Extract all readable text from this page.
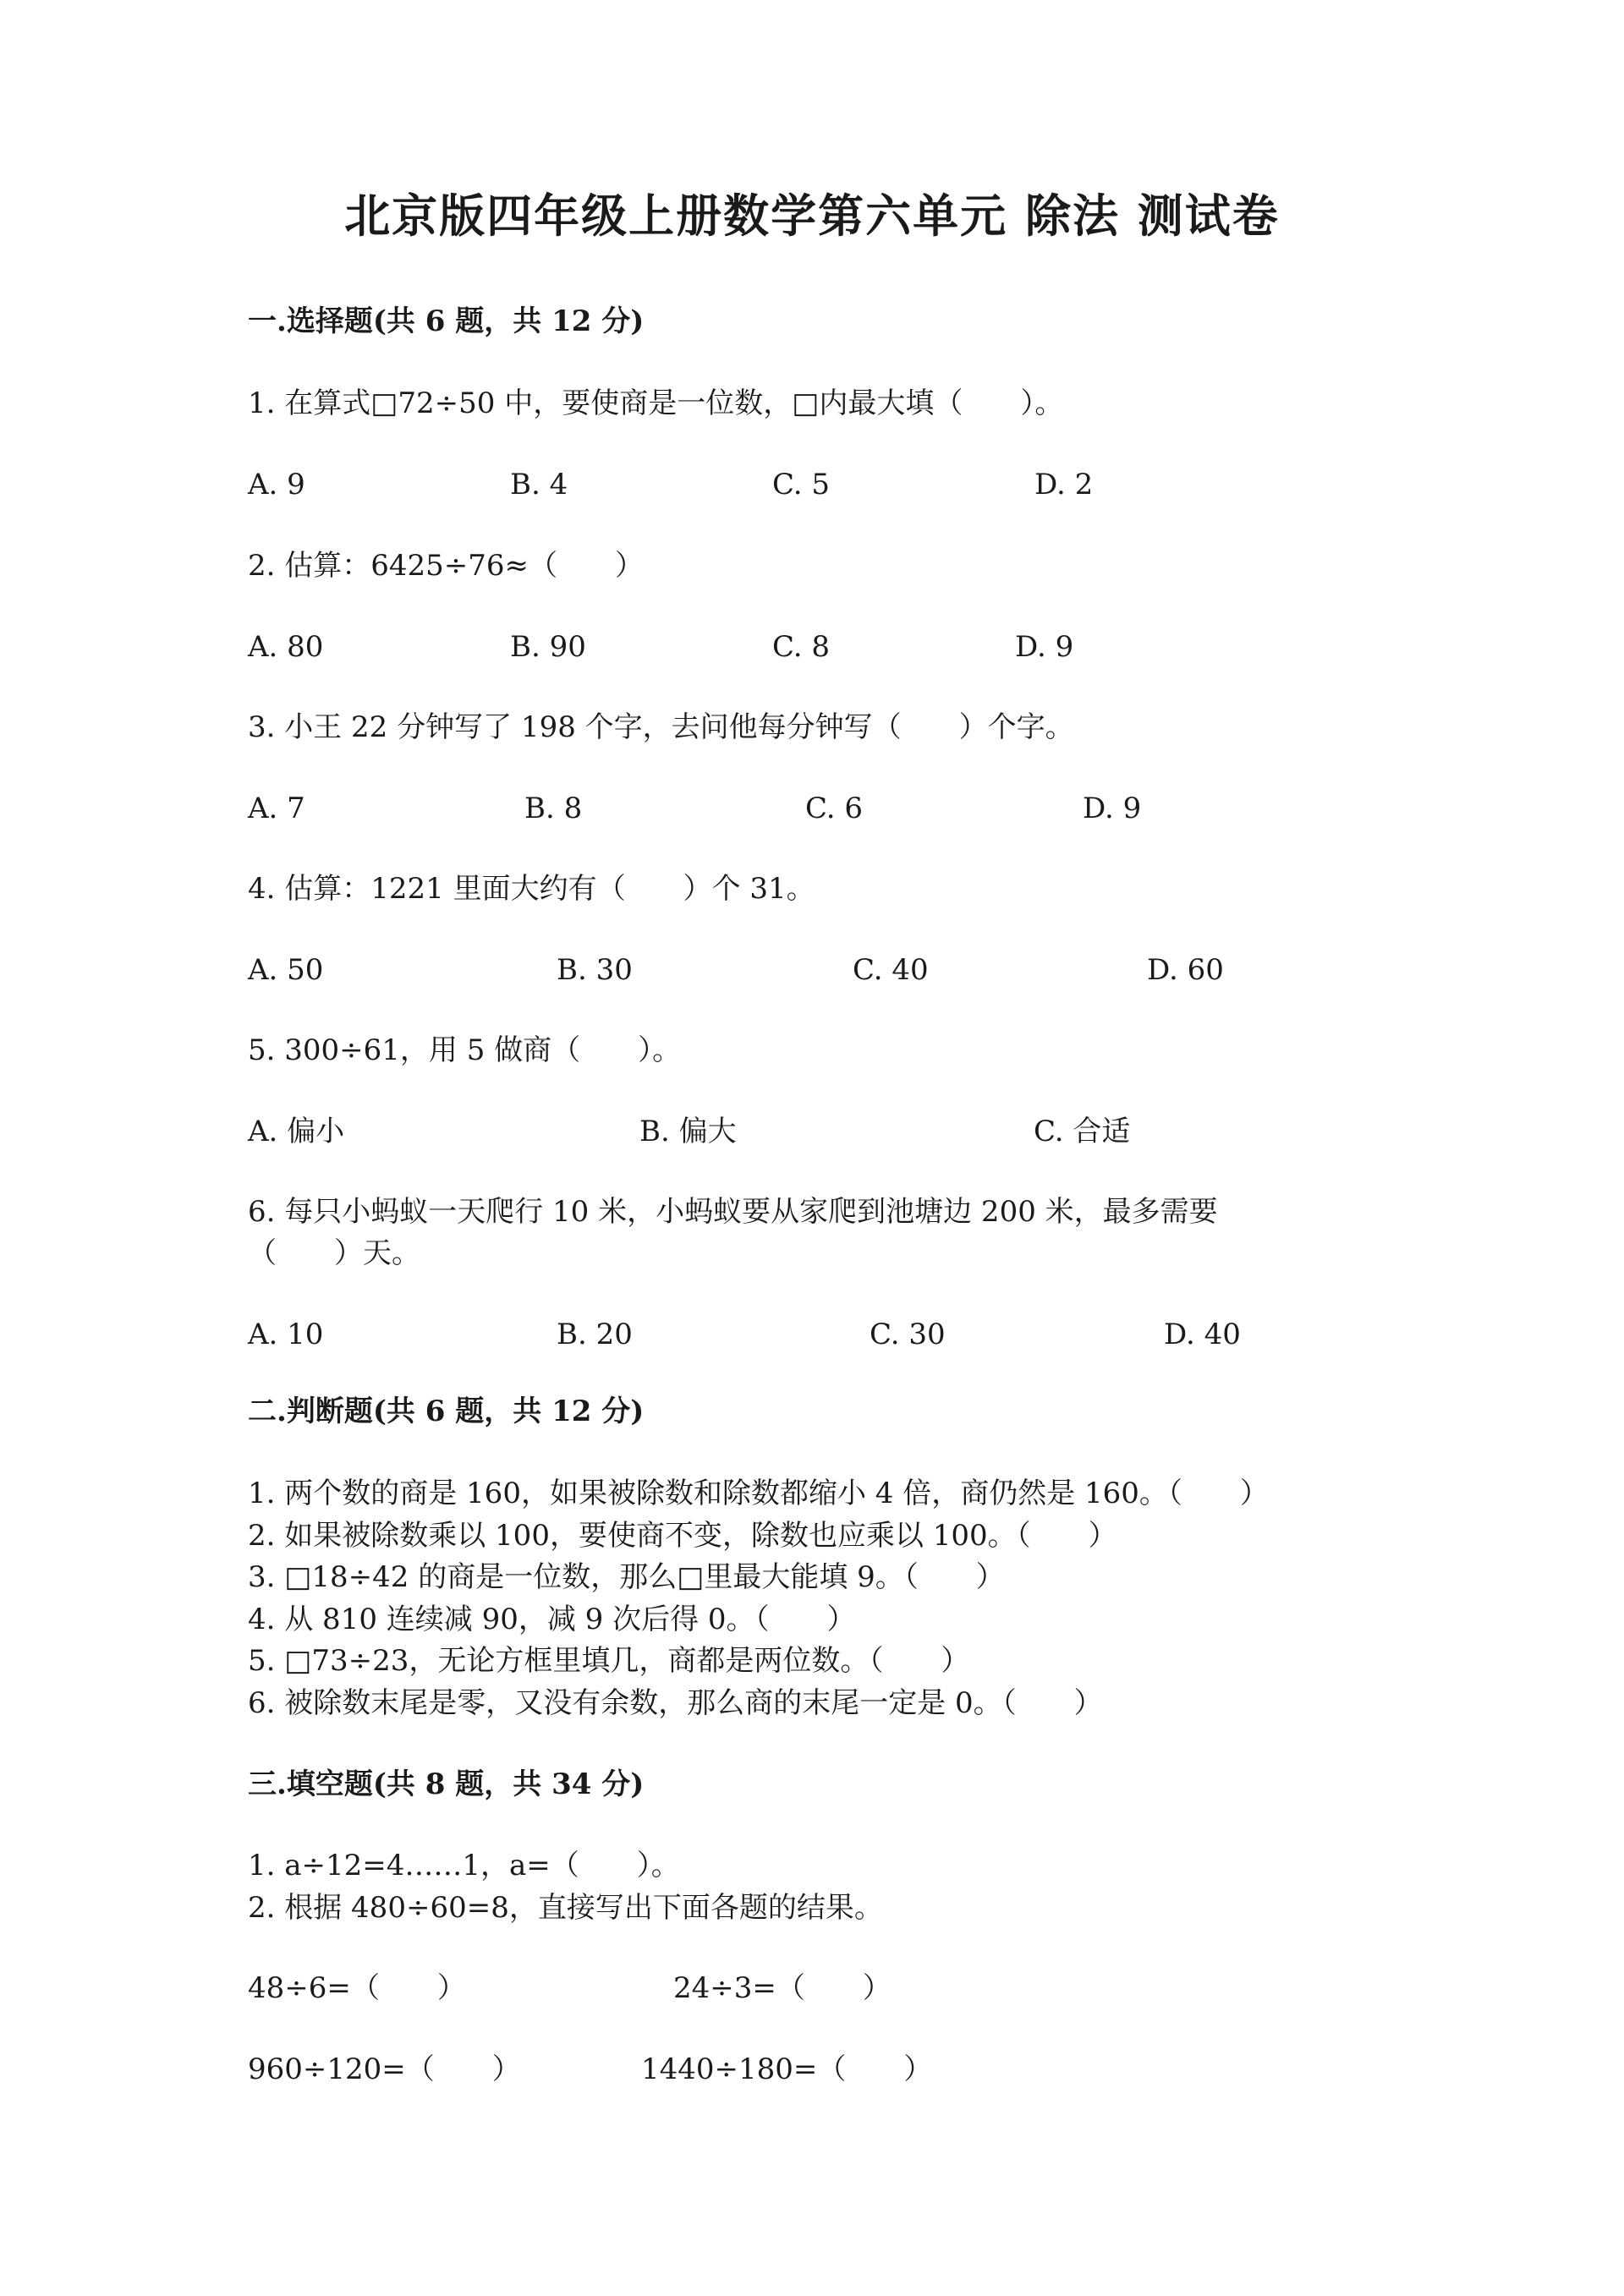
北京版四年级上册数学第六单元 除法 测试卷
一.选择题(共 6 题，共 12 分)
1. 在算式□72÷50 中，要使商是一位数，□内最大填（　　）。
A. 9	B. 4	C. 5	D. 2
2. 估算：6425÷76≈（　　）
A. 80	B. 90	C. 8	D. 9
3. 小王 22 分钟写了 198 个字，去问他每分钟写（　　）个字。
A. 7	B. 8	C. 6	D. 9
4. 估算：1221 里面大约有（　　）个 31。
A. 50	B. 30	C. 40	D. 60
5. 300÷61，用 5 做商（　　）。
A. 偏小	B. 偏大	C. 合适
6. 每只小蚂蚁一天爬行 10 米，小蚂蚁要从家爬到池塘边 200 米，最多需要
（　　）天。
A. 10	B. 20	C. 30	D. 40
二.判断题(共 6 题，共 12 分)
1. 两个数的商是 160，如果被除数和除数都缩小 4 倍，商仍然是 160。（　　）
2. 如果被除数乘以 100，要使商不变，除数也应乘以 100。（　　）
3. □18÷42 的商是一位数，那么□里最大能填 9。（　　）
4. 从 810 连续减 90，减 9 次后得 0。（　　）
5. □73÷23，无论方框里填几，商都是两位数。（　　）
6. 被除数末尾是零，又没有余数，那么商的末尾一定是 0。（　　）
三.填空题(共 8 题，共 34 分)
1. a÷12=4……1，a=（　　）。
2. 根据 480÷60=8，直接写出下面各题的结果。
48÷6=（　　）	24÷3=（　　）
960÷120=（　　）	1440÷180=（　　）
